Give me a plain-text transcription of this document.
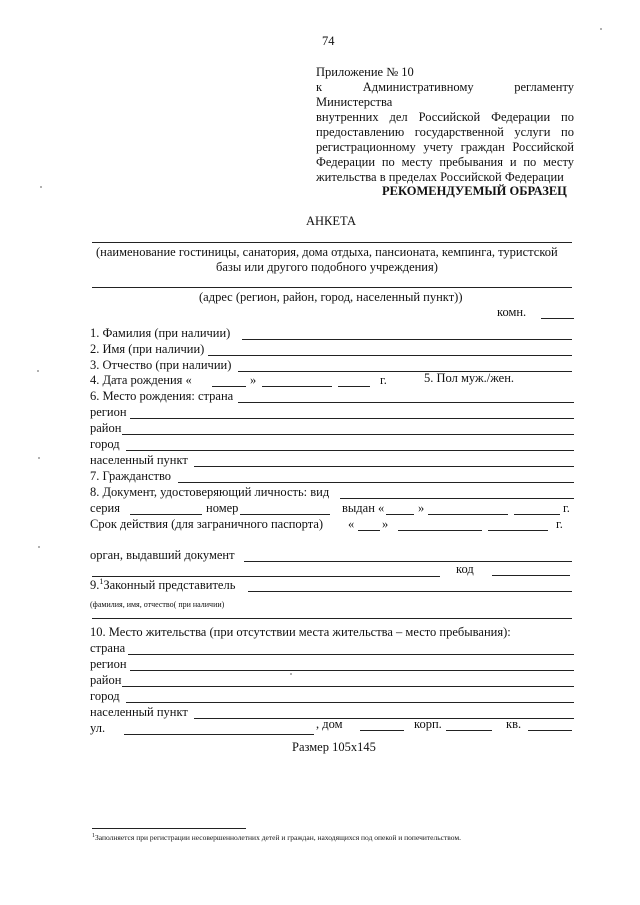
74
Приложение № 10
к Административному регламенту Министерства
внутренних дел Российской Федерации по
предоставлению государственной услуги по
регистрационному учету граждан Российской
Федерации по месту пребывания и по месту
жительства в пределах Российской Федерации
РЕКОМЕНДУЕМЫЙ ОБРАЗЕЦ
АНКЕТА
(наименование гостиницы, санатория, дома отдыха, пансионата, кемпинга, туристской
базы или другого подобного учреждения)
(адрес (регион, район, город, населенный пункт))
комн.
1. Фамилия (при наличии)
2. Имя (при наличии)
3. Отчество (при наличии)
4. Дата рождения «	»	г.	5. Пол муж./жен.
6. Место рождения: страна
регион
район
город
населенный пункт
7. Гражданство
8. Документ, удостоверяющий личность: вид
серия	номер	выдан «	»	г.
Срок действия (для заграничного паспорта) « »	г.
орган, выдавший документ
код
9.$^1$Законный представитель
(фамилия, имя, отчество( при наличии)
10. Место жительства (при отсутствии места жительства – место пребывания):
страна
регион
район
город
населенный пункт
ул.	, дом	корп.	кв.
Размер 105x145
$^1$Заполняется при регистрации несовершеннолетних детей и граждан, находящихся под опекой и попечительством.
